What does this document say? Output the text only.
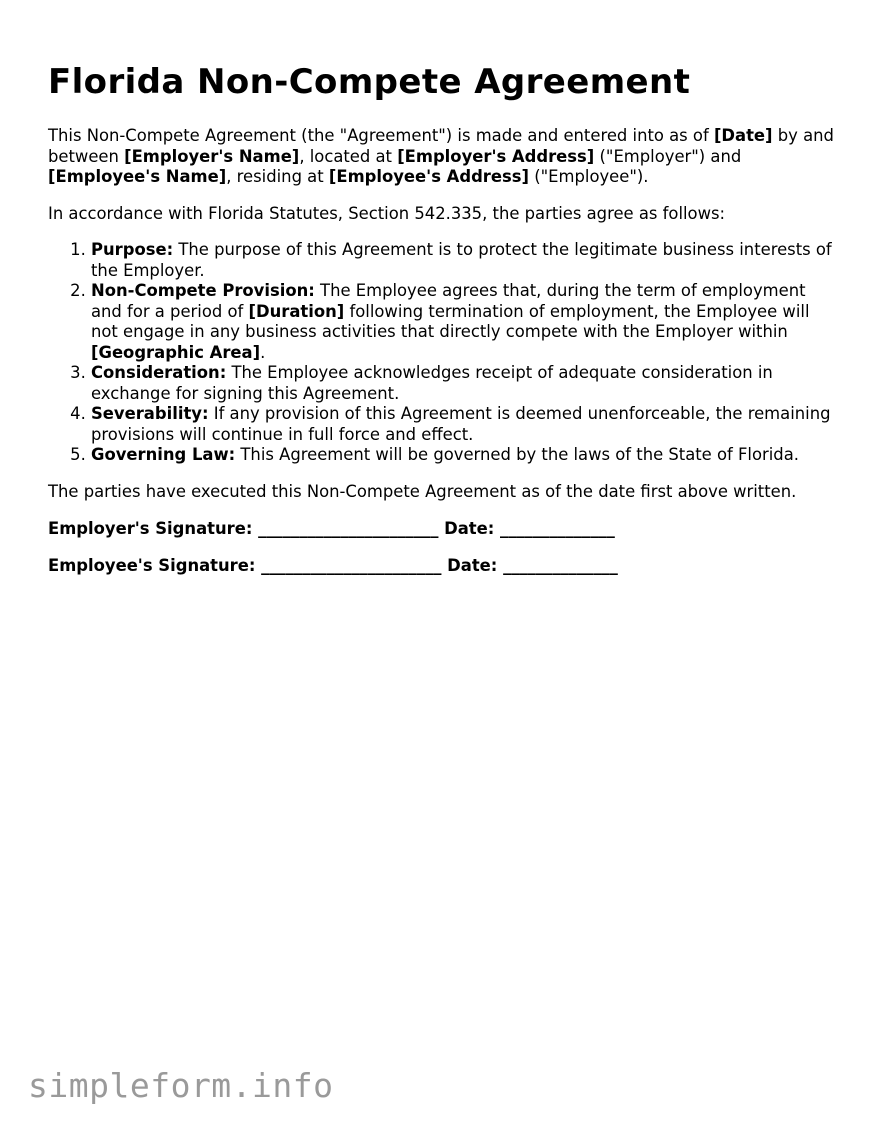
Florida Non-Compete Agreement

This Non-Compete Agreement (the "Agreement") is made and entered into as of [Date] by and between [Employer's Name], located at [Employer's Address] ("Employer") and [Employee's Name], residing at [Employee's Address] ("Employee").

In accordance with Florida Statutes, Section 542.335, the parties agree as follows:

1. Purpose: The purpose of this Agreement is to protect the legitimate business interests of the Employer.
2. Non-Compete Provision: The Employee agrees that, during the term of employment and for a period of [Duration] following termination of employment, the Employee will not engage in any business activities that directly compete with the Employer within [Geographic Area].
3. Consideration: The Employee acknowledges receipt of adequate consideration in exchange for signing this Agreement.
4. Severability: If any provision of this Agreement is deemed unenforceable, the remaining provisions will continue in full force and effect.
5. Governing Law: This Agreement will be governed by the laws of the State of Florida.

The parties have executed this Non-Compete Agreement as of the date first above written.

Employer's Signature: ______________________ Date: ______________
Employee's Signature: ______________________ Date: ______________
simpleform.info
